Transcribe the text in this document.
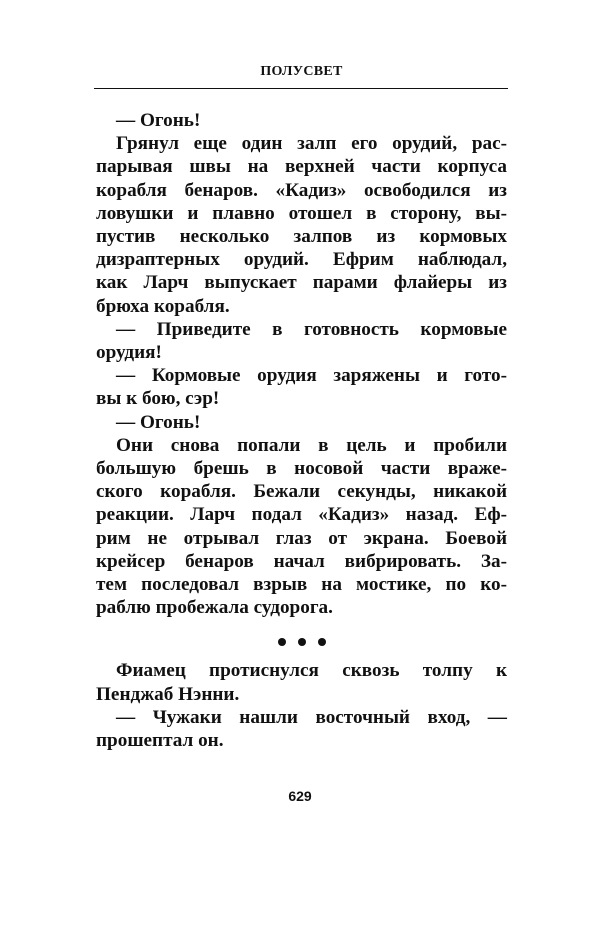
ПОЛУСВЕТ
— Огонь!
Грянул еще один залп его орудий, рас-
парывая швы на верхней части корпуса
корабля бенаров. «Кадиз» освободился из
ловушки и плавно отошел в сторону, вы-
пустив несколько залпов из кормовых
дизраптерных орудий. Ефрим наблюдал,
как Ларч выпускает парами флайеры из
брюха корабля.
— Приведите в готовность кормовые
орудия!
— Кормовые орудия заряжены и гото-
вы к бою, сэр!
— Огонь!
Они снова попали в цель и пробили
большую брешь в носовой части враже-
ского корабля. Бежали секунды, никакой
реакции. Ларч подал «Кадиз» назад. Еф-
рим не отрывал глаз от экрана. Боевой
крейсер бенаров начал вибрировать. За-
тем последовал взрыв на мостике, по ко-
раблю пробежала судорога.
Фиамец протиснулся сквозь толпу к
Пенджаб Нэнни.
— Чужаки нашли восточный вход, —
прошептал он.
629
